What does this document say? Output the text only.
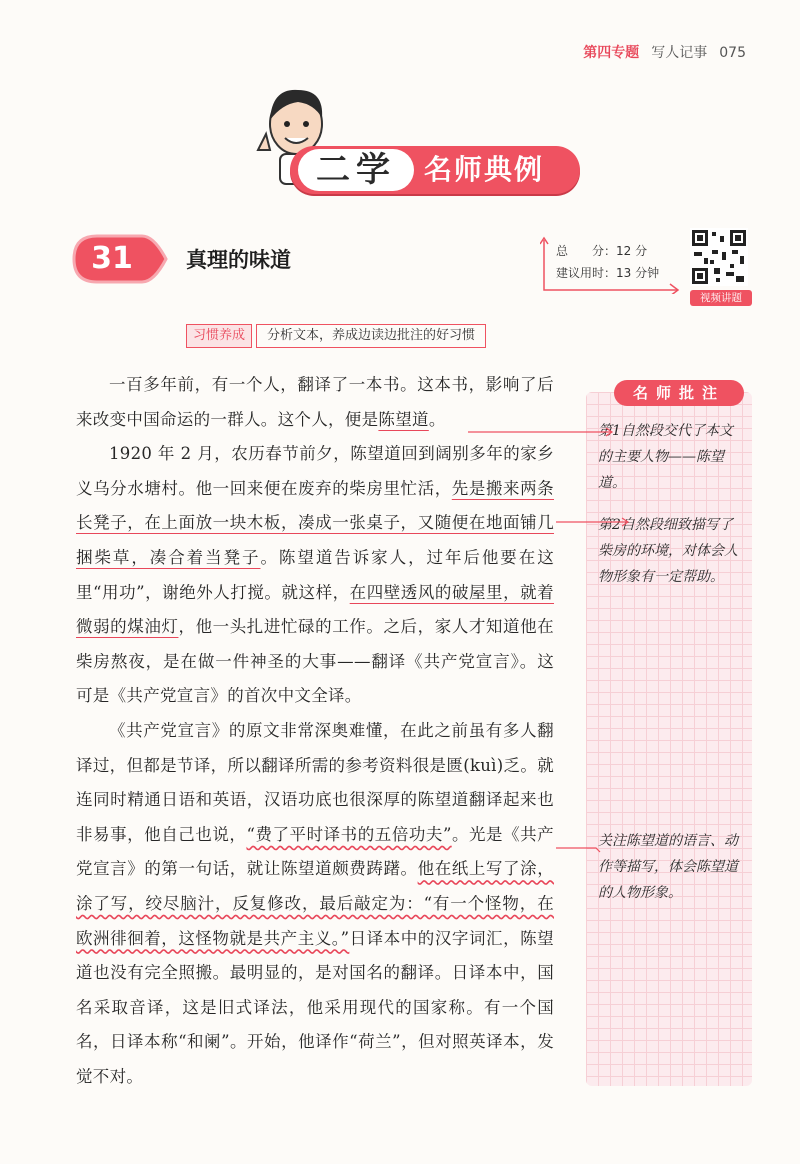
第四专题 写人记事 075
二学	名师典例
31	真理的味道	总　　分：12 分
建议用时：13 分钟
视频讲题
习惯养成	分析文本，养成边读边批注的好习惯
名师批注
第1自然段交代了本文的主要人物——陈望道。
第2自然段细致描写了柴房的环境，对体会人物形象有一定帮助。
关注陈望道的语言、动作等描写，体会陈望道的人物形象。

一百多年前，有一个人，翻译了一本书。这本书，影响了后来改变中国命运的一群人。这个人，便是陈望道。

1920 年 2 月，农历春节前夕，陈望道回到阔别多年的家乡义乌分水塘村。他一回来便在废弃的柴房里忙活，先是搬来两条长凳子，在上面放一块木板，凑成一张桌子，又随便在地面铺几捆柴草，凑合着当凳子。陈望道告诉家人，过年后他要在这里“用功”，谢绝外人打搅。就这样，在四壁透风的破屋里，就着微弱的煤油灯，他一头扎进忙碌的工作。之后，家人才知道他在柴房熬夜，是在做一件神圣的大事——翻译《共产党宣言》。这可是《共产党宣言》的首次中文全译。

《共产党宣言》的原文非常深奥难懂，在此之前虽有多人翻译过，但都是节译，所以翻译所需的参考资料很是匮(kuì)乏。就连同时精通日语和英语，汉语功底也很深厚的陈望道翻译起来也非易事，他自己也说，“费了平时译书的五倍功夫”。光是《共产党宣言》的第一句话，就让陈望道颇费踌躇。他在纸上写了涂，涂了写，绞尽脑汁，反复修改，最后敲定为：“有一个怪物，在欧洲徘徊着，这怪物就是共产主义。”日译本中的汉字词汇，陈望道也没有完全照搬。最明显的，是对国名的翻译。日译本中，国名采取音译，这是旧式译法，他采用现代的国家称。有一个国名，日译本称“和阑”。开始，他译作“荷兰”，但对照英译本，发觉不对。
